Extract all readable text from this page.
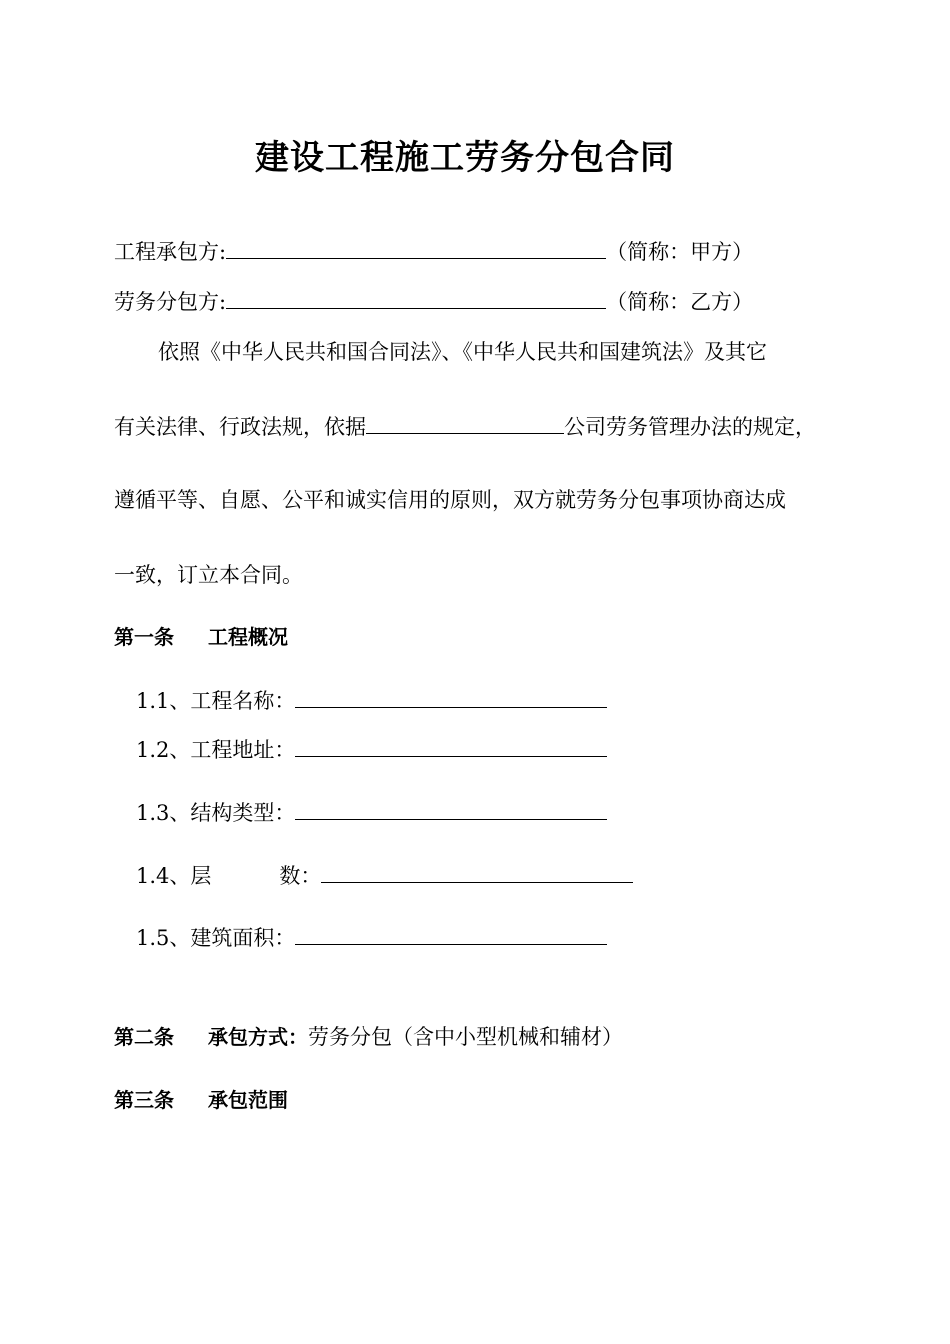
建设工程施工劳务分包合同
工程承包方:	（简称：甲方）
劳务分包方:	（简称：乙方）
依照《中华人民共和国合同法》、《中华人民共和国建筑法》及其它
有关法律、行政法规，依据	公司劳务管理办法的规定，
遵循平等、自愿、公平和诚实信用的原则，双方就劳务分包事项协商达成
一致，订立本合同。
第一条 工程概况
1.1、工程名称：
1.2、工程地址：
1.3、结构类型：
1.4、层	数：
1.5、建筑面积：
第二条 承包方式：劳务分包（含中小型机械和辅材）
第三条 承包范围
